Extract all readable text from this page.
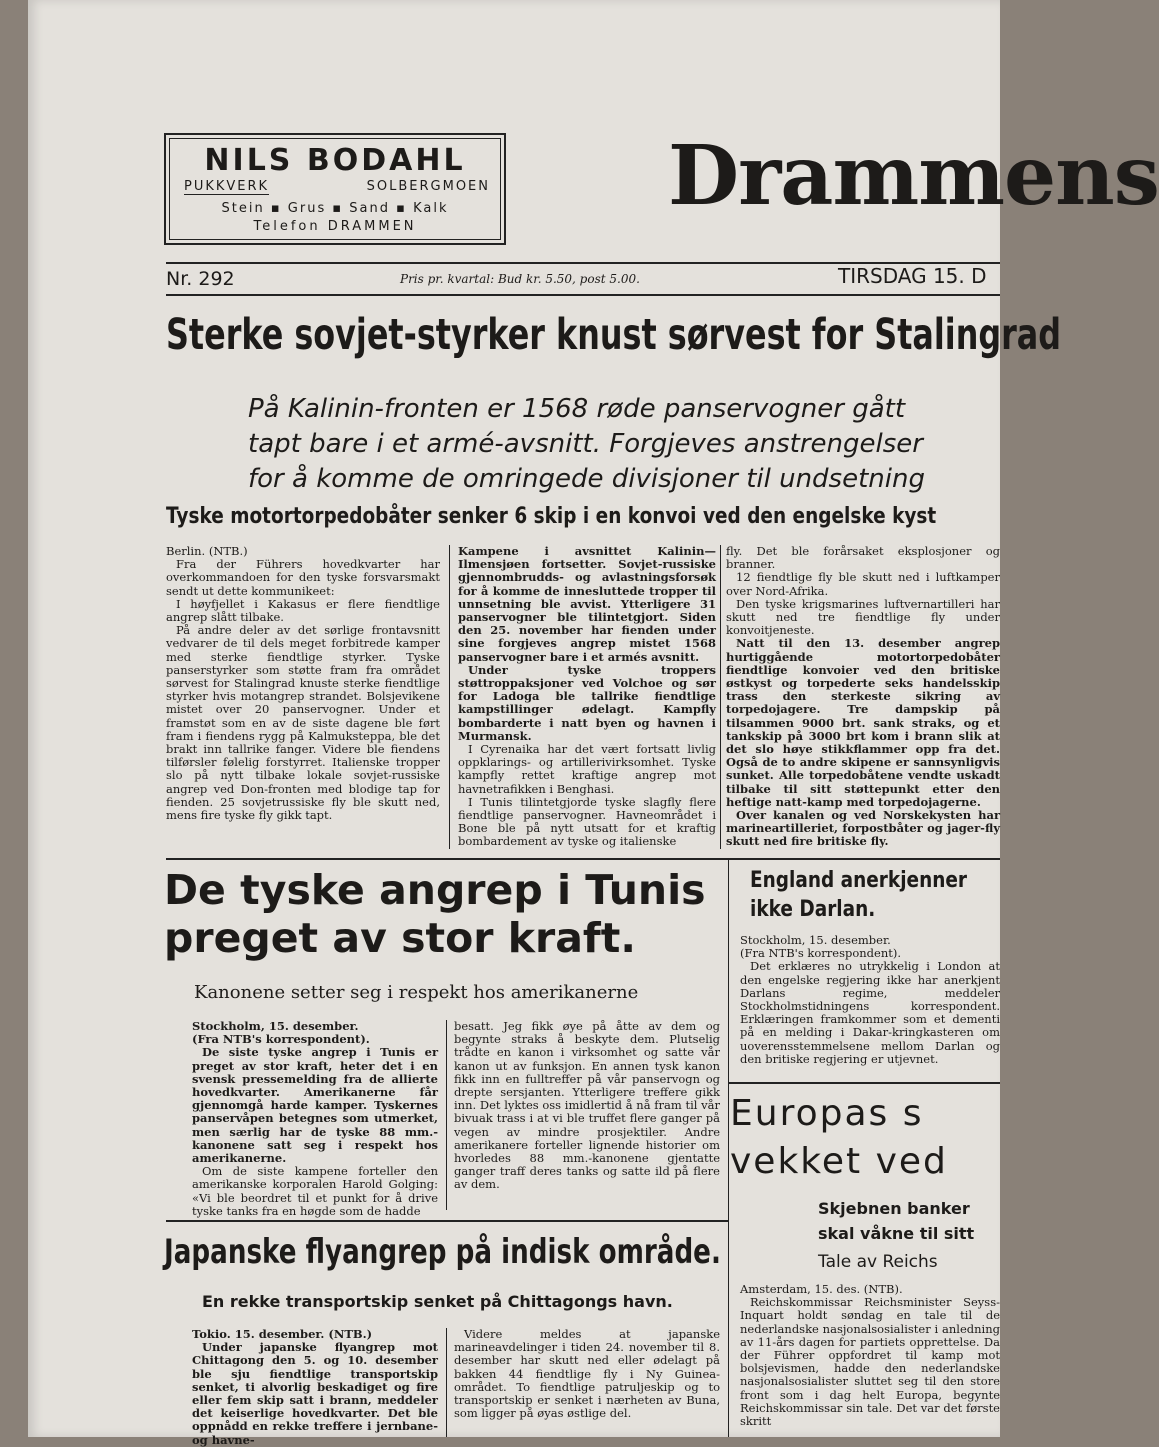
NILS BODAHL
PUKKVERK	SOLBERGMOEN
Stein ▪ Grus ▪ Sand ▪ Kalk
Telefon DRAMMEN
Drammens
Nr. 292	Pris pr. kvartal: Bud kr. 5.50, post 5.00.	TIRSDAG 15. D
Sterke sovjet-styrker knust sørvest for Stalingrad
På Kalinin-fronten er 1568 røde panservogner gått
tapt bare i et armé-avsnitt. Forgjeves anstrengelser
for å komme de omringede divisjoner til undsetning
Tyske motortorpedobåter senker 6 skip i en konvoi ved den engelske kyst

Berlin. (NTB.)

Fra der Führers hovedkvarter har overkommandoen for den tyske forsvarsmakt sendt ut dette kommunikeet:

I høyfjellet i Kakasus er flere fiendtlige angrep slått tilbake.

På andre deler av det sørlige frontavsnitt vedvarer de til dels meget forbitrede kamper med sterke fiendtlige styrker. Tyske panserstyrker som støtte fram fra området sørvest for Stalingrad knuste sterke fiendtlige styrker hvis motangrep strandet. Bolsjevikene mistet over 20 panservogner. Under et framstøt som en av de siste dagene ble ført fram i fiendens rygg på Kalmuksteppa, ble det brakt inn tallrike fanger. Videre ble fiendens tilførsler følelig forstyrret. Italienske tropper slo på nytt tilbake lokale sovjet-russiske angrep ved Don-fronten med blodige tap for fienden. 25 sovjetrussiske fly ble skutt ned, mens fire tyske fly gikk tapt.

Kampene i avsnittet Kalinin—Ilmensjøen fortsetter. Sovjet-russiske gjennombrudds- og avlastningsforsøk for å komme de innesluttede tropper til unnsetning ble avvist. Ytterligere 31 panservogner ble tilintetgjort. Siden den 25. november har fienden under sine forgjeves angrep mistet 1568 panservogner bare i et armés avsnitt.

Under tyske troppers støttroppaksjoner ved Volchoe og sør for Ladoga ble tallrike fiendtlige kampstillinger ødelagt. Kampfly bombarderte i natt byen og havnen i Murmansk.

I Cyrenaika har det vært fortsatt livlig oppklarings- og artillerivirksomhet. Tyske kampfly rettet kraftige angrep mot havnetrafikken i Benghasi.

I Tunis tilintetgjorde tyske slagfly flere fiendtlige panservogner. Havneområdet i Bone ble på nytt utsatt for et kraftig bombardement av tyske og italienske

fly. Det ble forårsaket eksplosjoner og branner.

12 fiendtlige fly ble skutt ned i luftkamper over Nord-Afrika.

Den tyske krigsmarines luftvernartilleri har skutt ned tre fiendtlige fly under konvoitjeneste.

Natt til den 13. desember angrep hurtiggående motortorpedobåter fiendtlige konvoier ved den britiske østkyst og torpederte seks handelsskip trass den sterkeste sikring av torpedojagere. Tre dampskip på tilsammen 9000 brt. sank straks, og et tankskip på 3000 brt kom i brann slik at det slo høye stikkflammer opp fra det. Også de to andre skipene er sannsynligvis sunket. Alle torpedobåtene vendte uskadt tilbake til sitt støttepunkt etter den heftige natt-kamp med torpedojagerne.

Over kanalen og ved Norskekysten har marineartilleriet, forpostbåter og jager-fly skutt ned fire britiske fly.

De tyske angrep i Tunis preget av stor kraft.
Kanonene setter seg i respekt hos amerikanerne

Stockholm, 15. desember.

(Fra NTB's korrespondent).

De siste tyske angrep i Tunis er preget av stor kraft, heter det i en svensk pressemelding fra de allierte hovedkvarter. Amerikanerne får gjennomgå harde kamper. Tyskernes panservåpen betegnes som utmerket, men særlig har de tyske 88 mm.-kanonene satt seg i respekt hos amerikanerne.

Om de siste kampene forteller den amerikanske korporalen Harold Golging: «Vi ble beordret til et punkt for å drive tyske tanks fra en høgde som de hadde

besatt. Jeg fikk øye på åtte av dem og begynte straks å beskyte dem. Plutselig trådte en kanon i virksomhet og satte vår kanon ut av funksjon. En annen tysk kanon fikk inn en fulltreffer på vår panservogn og drepte sersjanten. Ytterligere treffere gikk inn. Det lyktes oss imidlertid å nå fram til vår bivuak trass i at vi ble truffet flere ganger på vegen av mindre prosjektiler. Andre amerikanere forteller lignende historier om hvorledes 88 mm.-kanonene gjentatte ganger traff deres tanks og satte ild på flere av dem.

Japanske flyangrep på indisk område.
En rekke transportskip senket på Chittagongs havn.

Tokio. 15. desember. (NTB.)

Under japanske flyangrep mot Chittagong den 5. og 10. desember ble sju fiendtlige transportskip senket, ti alvorlig beskadiget og fire eller fem skip satt i brann, meddeler det keiserlige hovedkvarter. Det ble oppnådd en rekke treffere i jernbane- og havne-

Videre meldes at japanske marineavdelinger i tiden 24. november til 8. desember har skutt ned eller ødelagt på bakken 44 fiendtlige fly i Ny Guinea-området. To fiendtlige patruljeskip og to transportskip er senket i nærheten av Buna, som ligger på øyas østlige del.

England anerkjenner ikke Darlan.

Stockholm, 15. desember.

(Fra NTB's korrespondent).

Det erklæres no utrykkelig i London at den engelske regjering ikke har anerkjent Darlans regime, meddeler Stockholmstidningens korrespondent. Erklæringen framkommer som et dementi på en melding i Dakar-kringkasteren om uoverensstemmelsene mellom Darlan og den britiske regjering er utjevnet.

Europas s
vekket ved
Skjebnen banker
skal våkne til sitt
Tale av Reichs

Amsterdam, 15. des. (NTB).

Reichskommissar Reichsminister Seyss-Inquart holdt søndag en tale til de nederlandske nasjonalsosialister i anledning av 11-års dagen for partiets opprettelse. Da der Führer oppfordret til kamp mot bolsjevismen, hadde den nederlandske nasjonalsosialister sluttet seg til den store front som i dag helt Europa, begynte Reichskommissar sin tale. Det var det første skritt
